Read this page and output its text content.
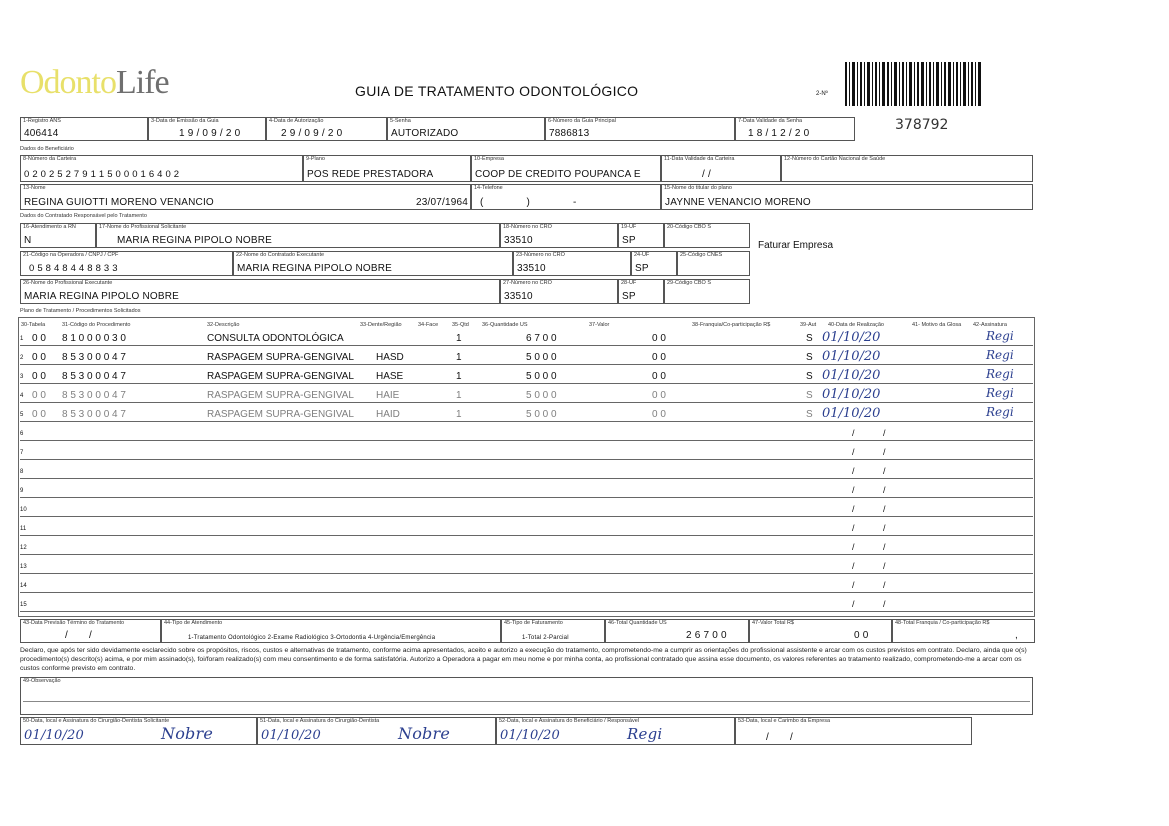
OdontoLife	GUIA DE TRATAMENTO ODONTOLÓGICO	2-Nº
1-Registro ANS
406414
3-Data de Emissão da Guia
1 9 / 0 9 / 2 0
4-Data de Autorização
2 9 / 0 9 / 2 0
5-Senha
AUTORIZADO
6-Número da Guia Principal
7886813
7-Data Validade da Senha
1 8 / 1 2 / 2 0
378792
Dados do Beneficiário
8-Número da Carteira
0 2 0 2 5 2 7 9 1 1 5 0 0 0 1 6 4 0 2
9-Plano
POS REDE PRESTADORA
10-Empresa
COOP DE CREDITO POUPANCA E
11-Data Validade da Carteira
/ /
12-Número do Cartão Nacional de Saúde
13-Nome
REGINA GUIOTTI MORENO VENANCIO	23/07/1964
14-Telefone
( ) -
15-Nome do titular do plano
JAYNNE VENANCIO MORENO
Dados do Contratado Responsável pelo Tratamento
16-Atendimento a RN
N
17-Nome do Profissional Solicitante
MARIA REGINA PIPOLO NOBRE
18-Número no CRO
33510
19-UF
SP
20-Código CBO S
Faturar Empresa
21-Código na Operadora / CNPJ / CPF
0 5 8 4 8 4 4 8 8 3 3
22-Nome do Contratado Executante
MARIA REGINA PIPOLO NOBRE
23-Número no CRO
33510
24-UF
SP
25-Código CNES
26-Nome do Profissional Executante
MARIA REGINA PIPOLO NOBRE
27-Número no CRO
33510
28-UF
SP
29-Código CBO S
Plano de Tratamento / Procedimentos Solicitados
30-Tabela	31-Código do Procedimento	32-Descrição	33-Dente/Região	34-Face	35-Qtd 36-Quantidade US	37-Valor	38-Franquia/Co-participação R$	39-Aut 40-Data de Realização	41- Motivo da Glosa 42-Assinatura
1 0 0 8 1 0 0 0 0 3 0	CONSULTA ODONTOLÓGICA	1	6 7 0 0	0 0	S 01/10/20	Regi
2 0 0 8 5 3 0 0 0 4 7	RASPAGEM SUPRA-GENGIVAL HASD	1	5 0 0 0	0 0	S 01/10/20	Regi
3 0 0 8 5 3 0 0 0 4 7	RASPAGEM SUPRA-GENGIVAL HASE	1	5 0 0 0	0 0	S 01/10/20	Regi
4 0 0 8 5 3 0 0 0 4 7	RASPAGEM SUPRA-GENGIVAL HAIE	1	5 0 0 0	0 0	S 01/10/20	Regi
5 0 0 8 5 3 0 0 0 4 7	RASPAGEM SUPRA-GENGIVAL HAID	1	5 0 0 0	0 0	S 01/10/20	Regi
6	/	/
7	/	/
8	/	/
9	/	/
10	/	/
11	/	/
12	/	/
13	/	/
14	/	/
15	/	/
43-Data Previsão Término do Tratamento
/ /
44-Tipo de Atendimento
1-Tratamento Odontológico 2-Exame Radiológico 3-Ortodontia 4-Urgência/Emergência
45-Tipo de Faturamento
1-Total 2-Parcial
46-Total Quantidade US
2 6 7 0 0
47-Valor Total R$
0 0
48-Total Franquia / Co-participação R$
,
Declaro, que após ter sido devidamente esclarecido sobre os propósitos, riscos, custos e alternativas de tratamento, conforme acima apresentados, aceito e autorizo a execução do tratamento, comprometendo-me a cumprir as orientações do profissional assistente e arcar com os custos previstos em contrato. Declaro, ainda que o(s) procedimento(s) descrito(s) acima, e por mim assinado(s), foi/foram realizado(s) com meu consentimento e de forma satisfatória. Autorizo a Operadora a pagar em meu nome e por minha conta, ao profissional contratado que assina esse documento, os valores referentes ao tratamento realizado, comprometendo-me a arcar com os custos conforme previsto em contrato.
49-Observação
50-Data, local e Assinatura do Cirurgião-Dentista Solicitante
01/10/20	Nobre
51-Data, local e Assinatura do Cirurgião-Dentista
01/10/20	Nobre
52-Data, local e Assinatura do Beneficiário / Responsável
01/10/20	Regi
53-Data, local e Carimbo da Empresa
/ /
